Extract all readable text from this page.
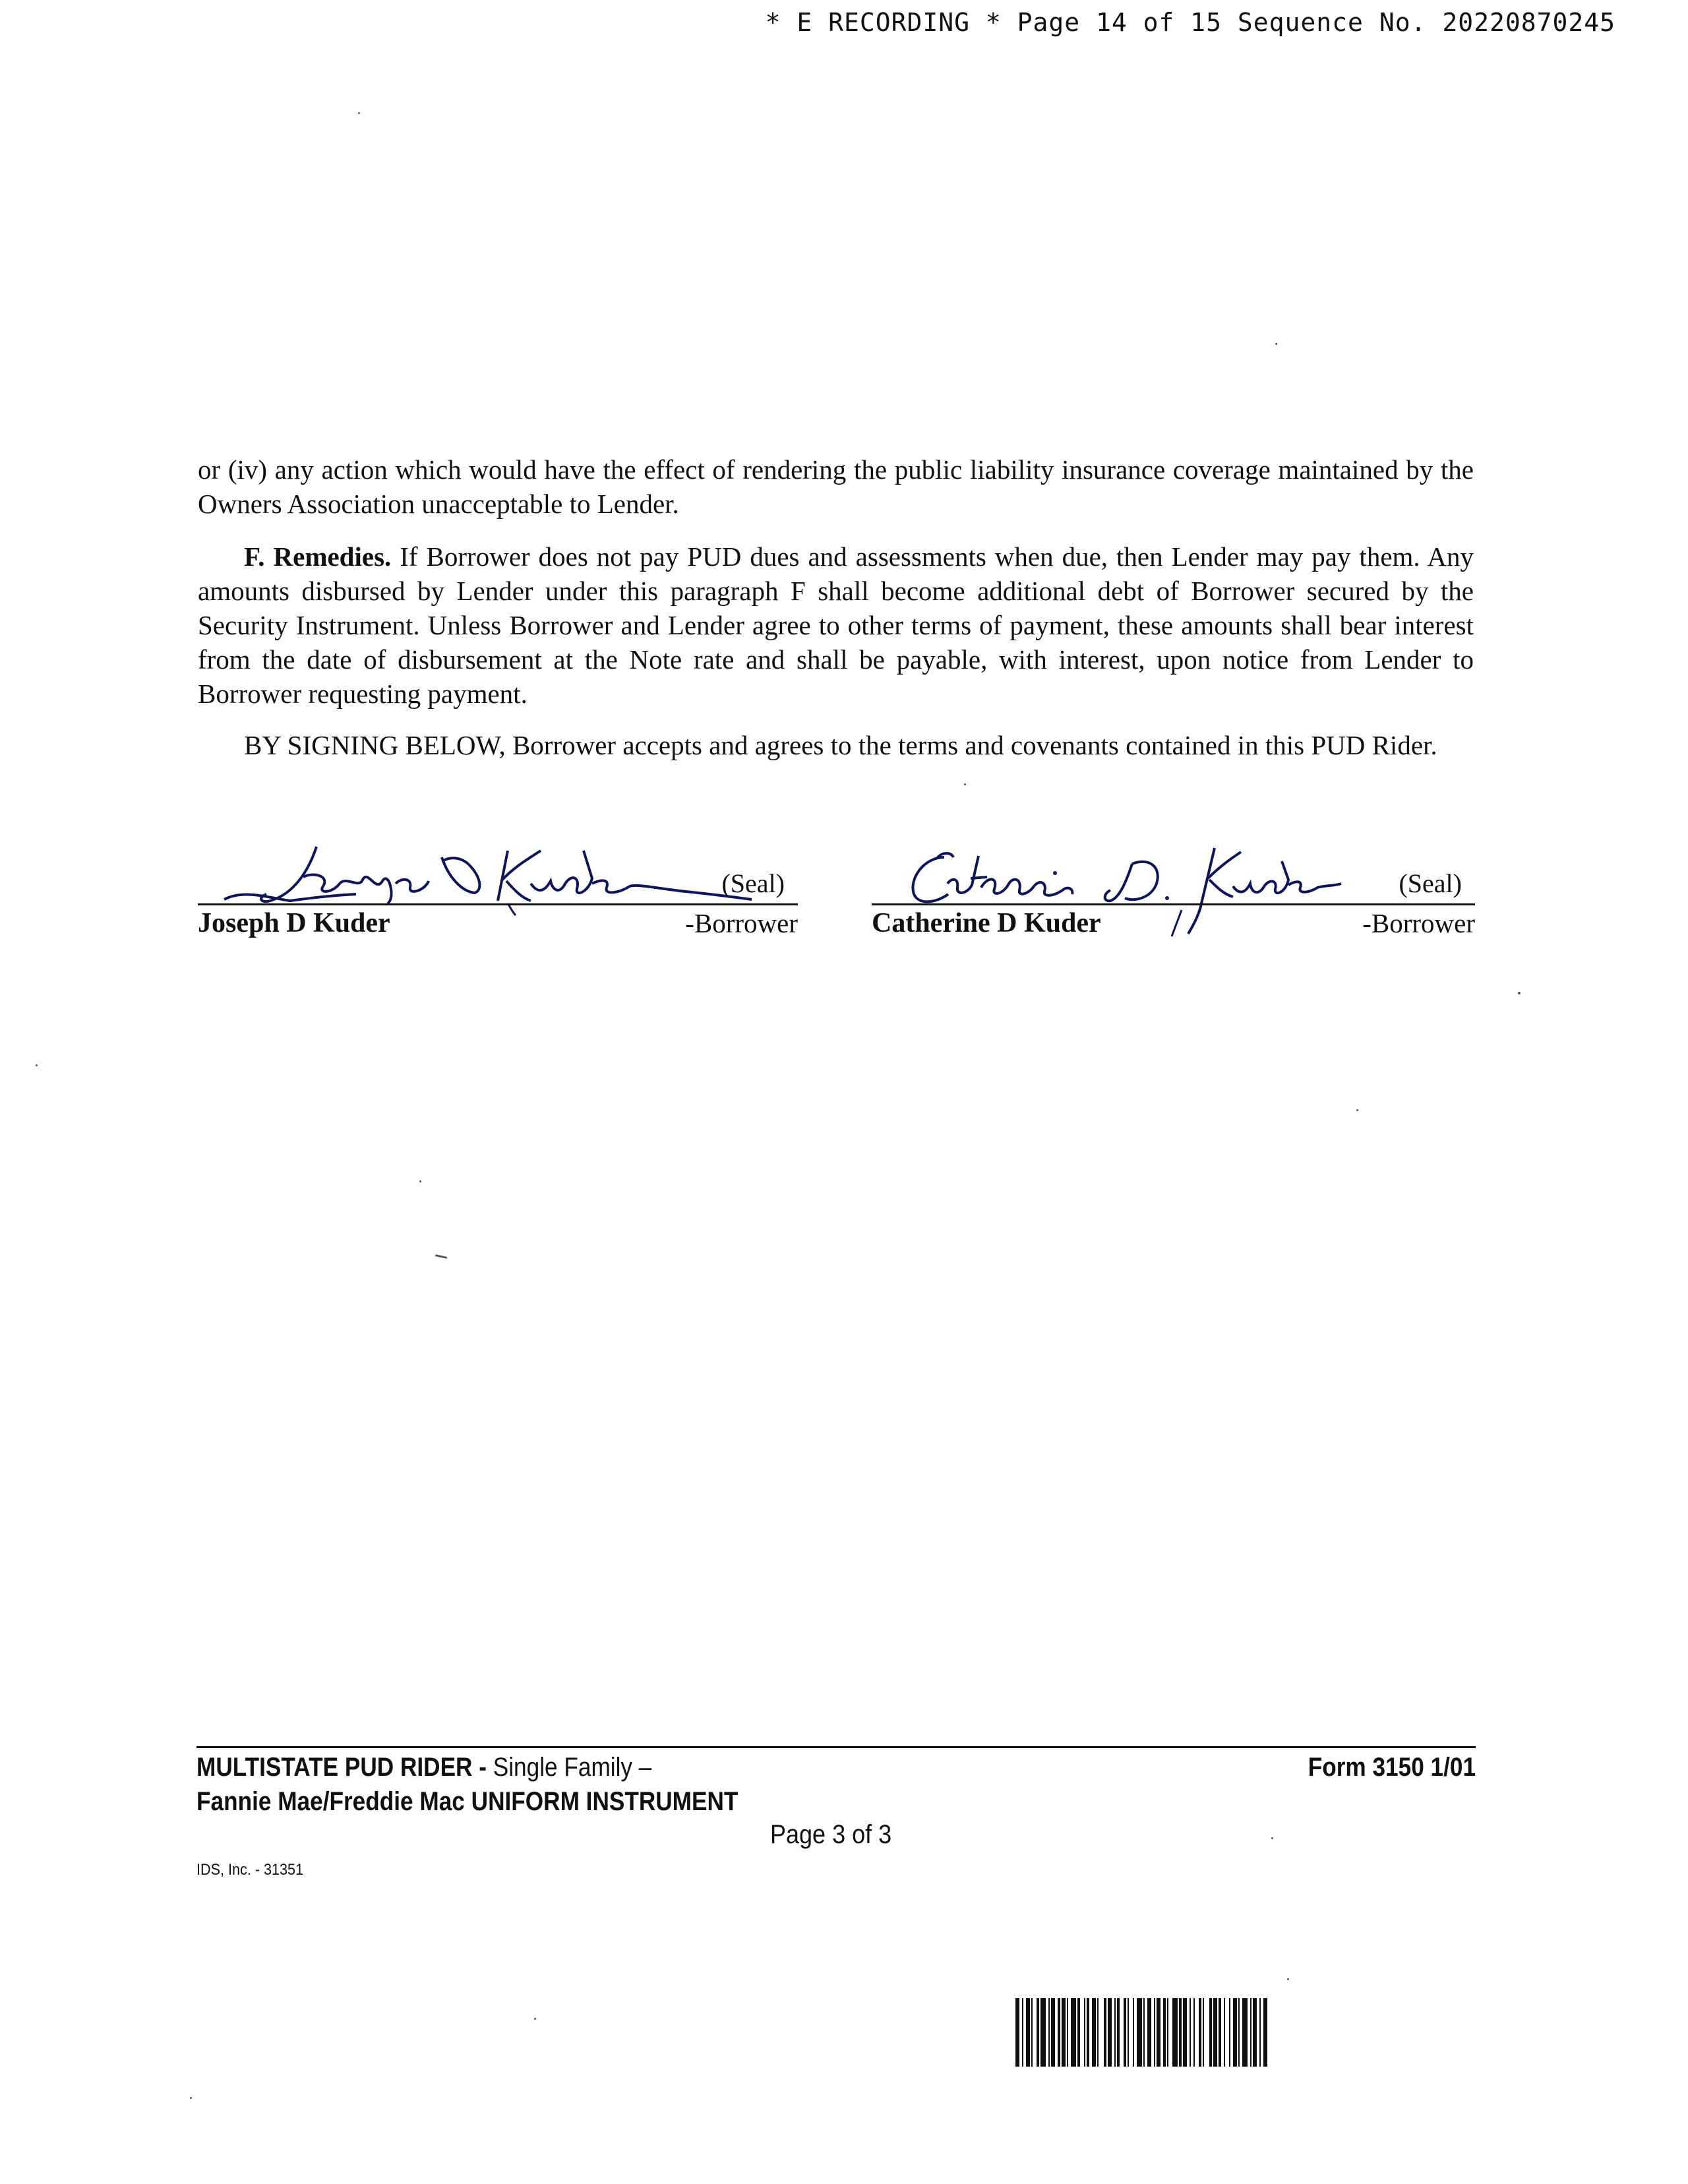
* E RECORDING * Page 14 of 15 Sequence No. 20220870245

or (iv) any action which would have the effect of rendering the public liability insurance coverage maintained by the Owners Association unacceptable to Lender.

F. Remedies. If Borrower does not pay PUD dues and assessments when due, then Lender may pay them. Any amounts disbursed by Lender under this paragraph F shall become additional debt of Borrower secured by the Security Instrument. Unless Borrower and Lender agree to other terms of payment, these amounts shall bear interest from the date of disbursement at the Note rate and shall be payable, with interest, upon notice from Lender to Borrower requesting payment.

BY SIGNING BELOW, Borrower accepts and agrees to the terms and covenants contained in this PUD Rider.

(Seal)
Joseph D Kuder	-Borrower
(Seal)
Catherine D Kuder	-Borrower
MULTISTATE PUD RIDER - Single Family –
Fannie Mae/Freddie Mac UNIFORM INSTRUMENT
Form 3150 1/01
Page 3 of 3
IDS, Inc. - 31351
